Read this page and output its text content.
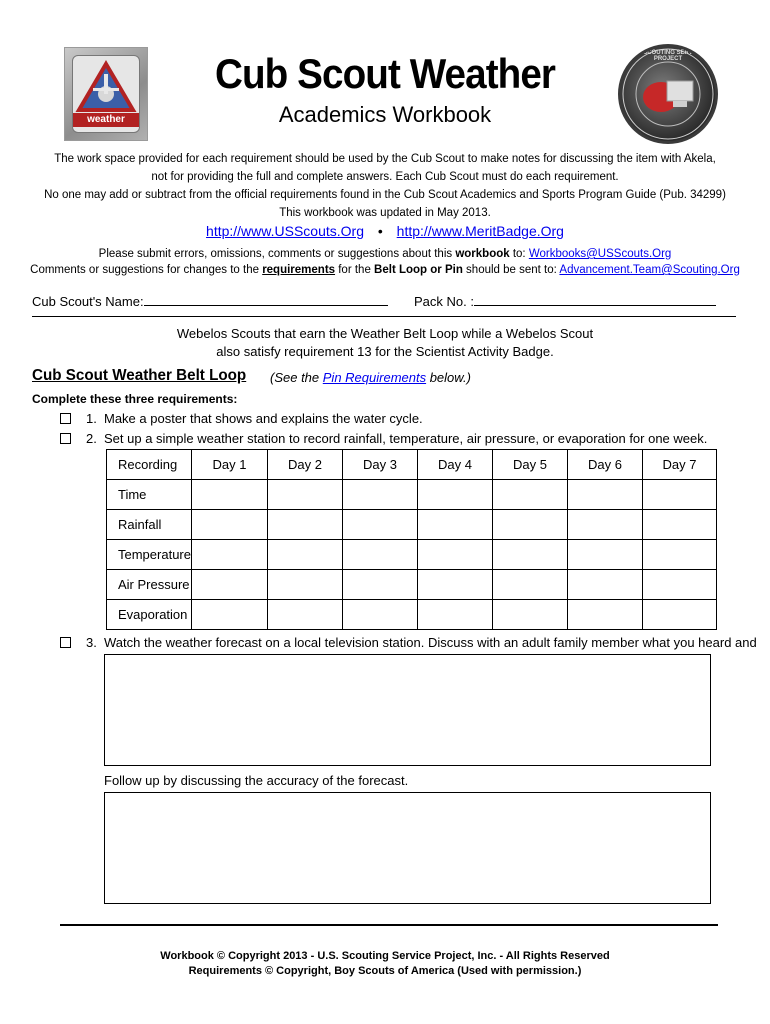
weather
US SCOUTING SERVICE PROJECT
Cub Scout Weather
Academics Workbook
The work space provided for each requirement should be used by the Cub Scout to make notes for discussing the item with Akela,
not for providing the full and complete answers. Each Cub Scout must do each requirement.
No one may add or subtract from the official requirements found in the Cub Scout Academics and Sports Program Guide (Pub. 34299)
This workbook was updated in May 2013.
http://www.USScouts.Org • http://www.MeritBadge.Org
Please submit errors, omissions, comments or suggestions about this workbook to: Workbooks@USScouts.Org
Comments or suggestions for changes to the requirements for the Belt Loop or Pin should be sent to: Advancement.Team@Scouting.Org
Cub Scout's Name:	Pack No. :
Webelos Scouts that earn the Weather Belt Loop while a Webelos Scout
also satisfy requirement 13 for the Scientist Activity Badge.
Cub Scout Weather Belt Loop (See the Pin Requirements below.)
Complete these three requirements:
1. Make a poster that shows and explains the water cycle.
2. Set up a simple weather station to record rainfall, temperature, air pressure, or evaporation for one week.
Recording	Day 1	Day 2	Day 3	Day 4	Day 5	Day 6	Day 7
Time							
Rainfall							
Temperature							
Air Pressure							
Evaporation							
3. Watch the weather forecast on a local television station. Discuss with an adult family member what you heard and
Follow up by discussing the accuracy of the forecast.
Workbook © Copyright 2013 - U.S. Scouting Service Project, Inc. - All Rights Reserved
Requirements © Copyright, Boy Scouts of America (Used with permission.)
